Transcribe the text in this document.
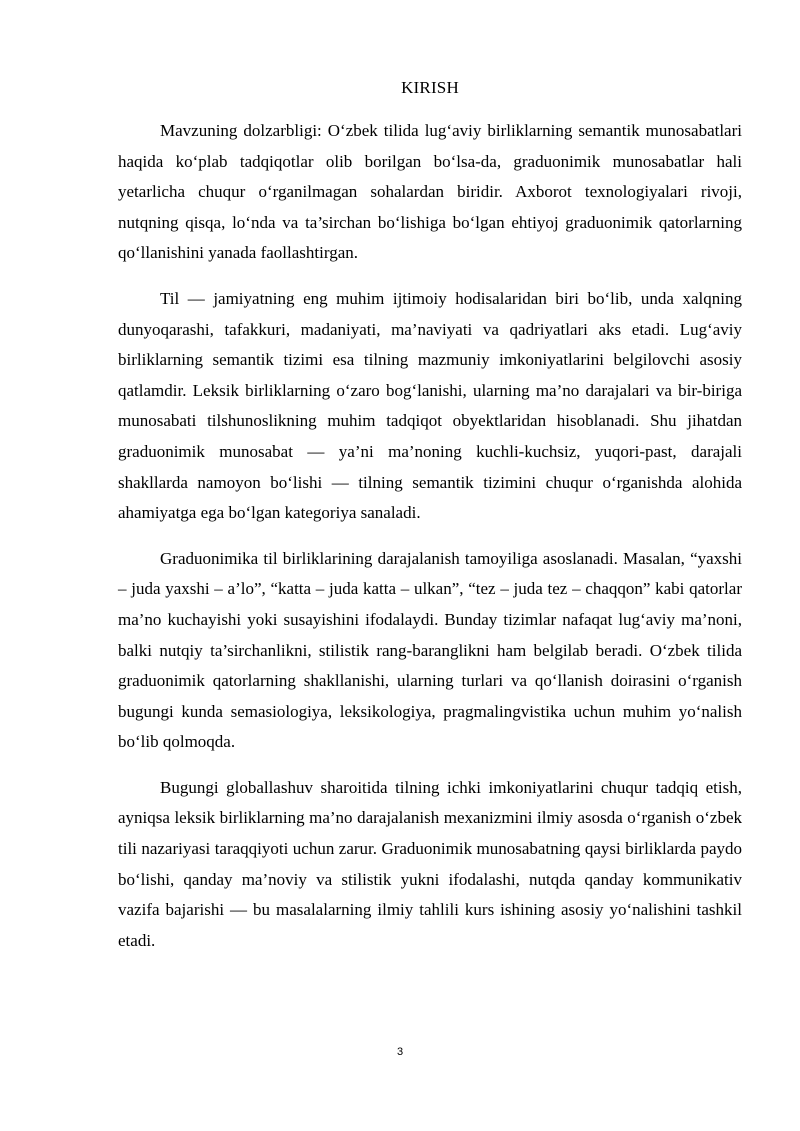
KIRISH

Mavzuning dolzarbligi: O‘zbek tilida lug‘aviy birliklarning semantik munosabatlari haqida ko‘plab tadqiqotlar olib borilgan bo‘lsa-da, graduonimik munosabatlar hali yetarlicha chuqur o‘rganilmagan sohalardan biridir. Axborot texnologiyalari rivoji, nutqning qisqa, lo‘nda va ta’sirchan bo‘lishiga bo‘lgan ehtiyoj graduonimik qatorlarning qo‘llanishini yanada faollashtirgan.

Til — jamiyatning eng muhim ijtimoiy hodisalaridan biri bo‘lib, unda xalqning dunyoqarashi, tafakkuri, madaniyati, ma’naviyati va qadriyatlari aks etadi. Lug‘aviy birliklarning semantik tizimi esa tilning mazmuniy imkoniyatlarini belgilovchi asosiy qatlamdir. Leksik birliklarning o‘zaro bog‘lanishi, ularning ma’no darajalari va bir-biriga munosabati tilshunoslikning muhim tadqiqot obyektlaridan hisoblanadi. Shu jihatdan graduonimik munosabat — ya’ni ma’noning kuchli-kuchsiz, yuqori-past, darajali shakllarda namoyon bo‘lishi — tilning semantik tizimini chuqur o‘rganishda alohida ahamiyatga ega bo‘lgan kategoriya sanaladi.

Graduonimika til birliklarining darajalanish tamoyiliga asoslanadi. Masalan, “yaxshi – juda yaxshi – a’lo”, “katta – juda katta – ulkan”, “tez – juda tez – chaqqon” kabi qatorlar ma’no kuchayishi yoki susayishini ifodalaydi. Bunday tizimlar nafaqat lug‘aviy ma’noni, balki nutqiy ta’sirchanlikni, stilistik rang-baranglikni ham belgilab beradi. O‘zbek tilida graduonimik qatorlarning shakllanishi, ularning turlari va qo‘llanish doirasini o‘rganish bugungi kunda semasiologiya, leksikologiya, pragmalingvistika uchun muhim yo‘nalish bo‘lib qolmoqda.

Bugungi globallashuv sharoitida tilning ichki imkoniyatlarini chuqur tadqiq etish, ayniqsa leksik birliklarning ma’no darajalanish mexanizmini ilmiy asosda o‘rganish o‘zbek tili nazariyasi taraqqiyoti uchun zarur. Graduonimik munosabatning qaysi birliklarda paydo bo‘lishi, qanday ma’noviy va stilistik yukni ifodalashi, nutqda qanday kommunikativ vazifa bajarishi — bu masalalarning ilmiy tahlili kurs ishining asosiy yo‘nalishini tashkil etadi.

3
